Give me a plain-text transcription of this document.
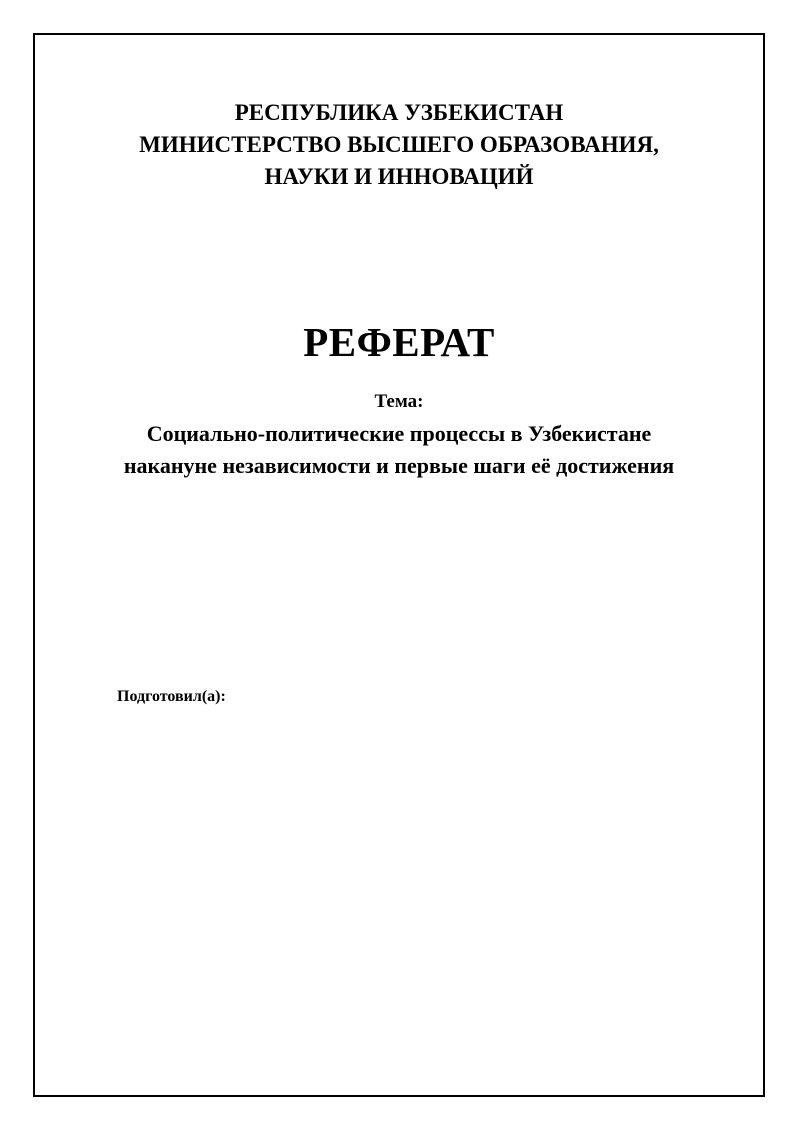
РЕСПУБЛИКА УЗБЕКИСТАН
МИНИСТЕРСТВО ВЫСШЕГО ОБРАЗОВАНИЯ,
НАУКИ И ИННОВАЦИЙ
РЕФЕРАТ
Тема:
Социально-политические процессы в Узбекистане
накануне независимости и первые шаги её достижения
Подготовил(а):
